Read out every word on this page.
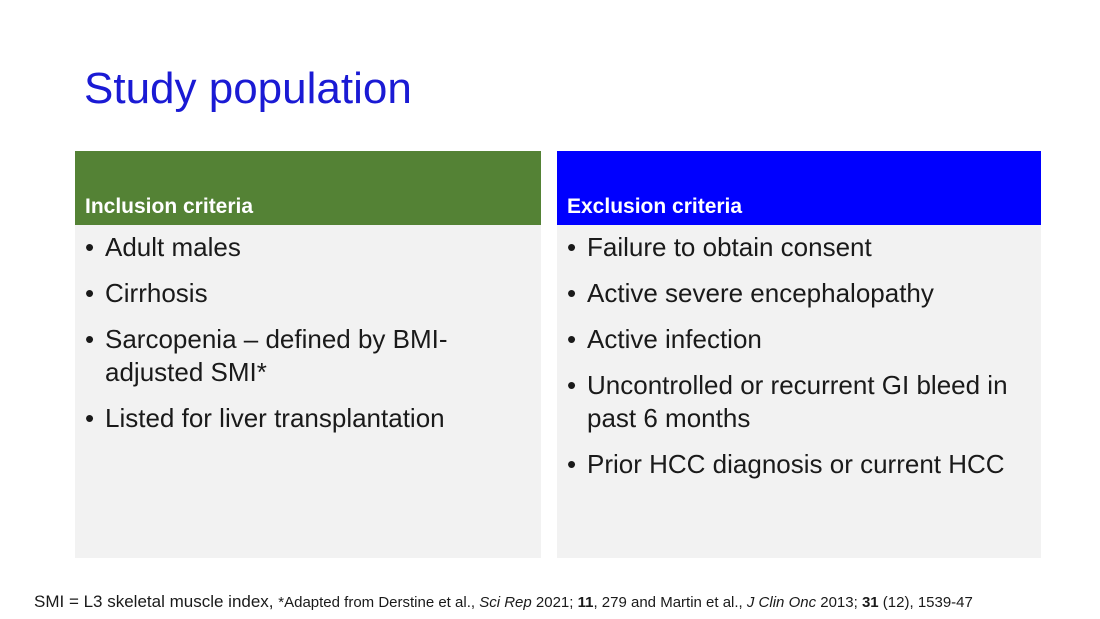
Study population
Inclusion criteria
• Adult males
• Cirrhosis
• Sarcopenia – defined by BMI-adjusted SMI*
• Listed for liver transplantation
Exclusion criteria
• Failure to obtain consent
• Active severe encephalopathy
• Active infection
• Uncontrolled or recurrent GI bleed in past 6 months
• Prior HCC diagnosis or current HCC
SMI = L3 skeletal muscle index, *Adapted from Derstine et al., Sci Rep 2021; 11, 279 and Martin et al., J Clin Onc 2013; 31 (12), 1539-47
